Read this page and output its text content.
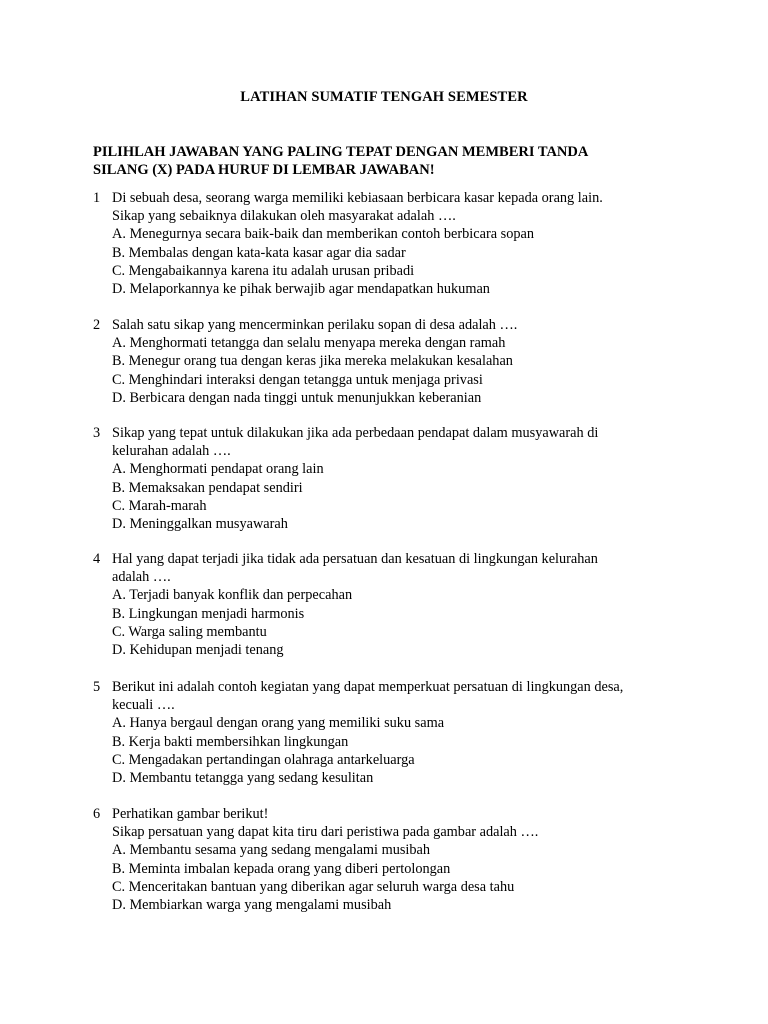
LATIHAN SUMATIF TENGAH SEMESTER
PILIHLAH JAWABAN YANG PALING TEPAT DENGAN MEMBERI TANDA
SILANG (X) PADA HURUF DI LEMBAR JAWABAN!
1 Di sebuah desa, seorang warga memiliki kebiasaan berbicara kasar kepada orang lain.
Sikap yang sebaiknya dilakukan oleh masyarakat adalah ….
A. Menegurnya secara baik-baik dan memberikan contoh berbicara sopan
B. Membalas dengan kata-kata kasar agar dia sadar
C. Mengabaikannya karena itu adalah urusan pribadi
D. Melaporkannya ke pihak berwajib agar mendapatkan hukuman
2 Salah satu sikap yang mencerminkan perilaku sopan di desa adalah ….
A. Menghormati tetangga dan selalu menyapa mereka dengan ramah
B. Menegur orang tua dengan keras jika mereka melakukan kesalahan
C. Menghindari interaksi dengan tetangga untuk menjaga privasi
D. Berbicara dengan nada tinggi untuk menunjukkan keberanian
3 Sikap yang tepat untuk dilakukan jika ada perbedaan pendapat dalam musyawarah di
kelurahan adalah ….
A. Menghormati pendapat orang lain
B. Memaksakan pendapat sendiri
C. Marah-marah
D. Meninggalkan musyawarah
4 Hal yang dapat terjadi jika tidak ada persatuan dan kesatuan di lingkungan kelurahan
adalah ….
A. Terjadi banyak konflik dan perpecahan
B. Lingkungan menjadi harmonis
C. Warga saling membantu
D. Kehidupan menjadi tenang
5 Berikut ini adalah contoh kegiatan yang dapat memperkuat persatuan di lingkungan desa,
kecuali ….
A. Hanya bergaul dengan orang yang memiliki suku sama
B. Kerja bakti membersihkan lingkungan
C. Mengadakan pertandingan olahraga antarkeluarga
D. Membantu tetangga yang sedang kesulitan
6 Perhatikan gambar berikut!
Sikap persatuan yang dapat kita tiru dari peristiwa pada gambar adalah ….
A. Membantu sesama yang sedang mengalami musibah
B. Meminta imbalan kepada orang yang diberi pertolongan
C. Menceritakan bantuan yang diberikan agar seluruh warga desa tahu
D. Membiarkan warga yang mengalami musibah
